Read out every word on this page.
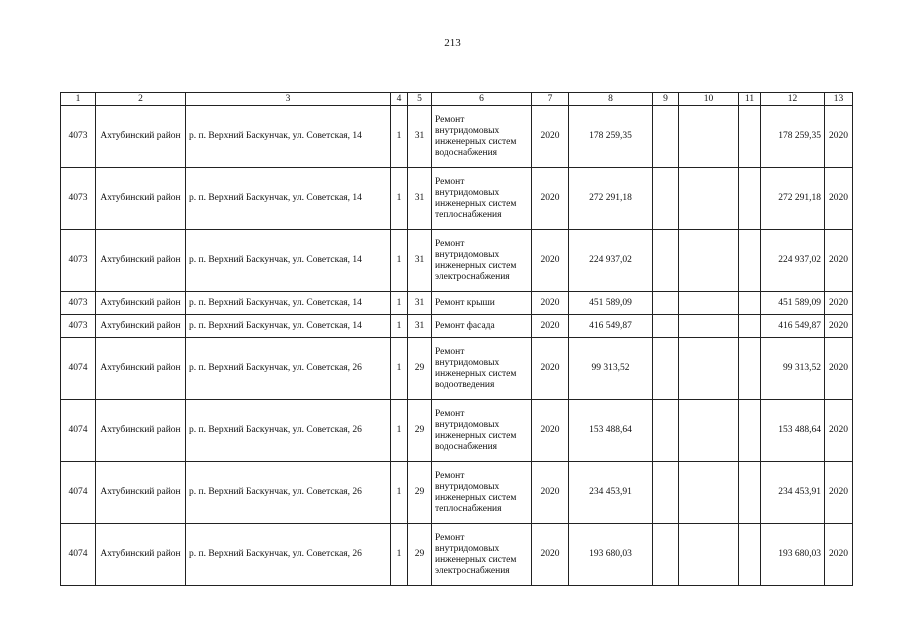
213
1	2	3	4	5	6	7	8	9	10	11	12	13
4073	Ахтубинский район	р. п. Верхний Баскунчак, ул. Советская, 14	1	31	Ремонт внутридомовых инженерных систем водоснабжения	2020	178 259,35				178 259,35	2020
4073	Ахтубинский район	р. п. Верхний Баскунчак, ул. Советская, 14	1	31	Ремонт внутридомовых инженерных систем теплоснабжения	2020	272 291,18				272 291,18	2020
4073	Ахтубинский район	р. п. Верхний Баскунчак, ул. Советская, 14	1	31	Ремонт внутридомовых инженерных систем электроснабжения	2020	224 937,02				224 937,02	2020
4073	Ахтубинский район	р. п. Верхний Баскунчак, ул. Советская, 14	1	31	Ремонт крыши	2020	451 589,09				451 589,09	2020
4073	Ахтубинский район	р. п. Верхний Баскунчак, ул. Советская, 14	1	31	Ремонт фасада	2020	416 549,87				416 549,87	2020
4074	Ахтубинский район	р. п. Верхний Баскунчак, ул. Советская, 26	1	29	Ремонт внутридомовых инженерных систем водоотведения	2020	99 313,52				99 313,52	2020
4074	Ахтубинский район	р. п. Верхний Баскунчак, ул. Советская, 26	1	29	Ремонт внутридомовых инженерных систем водоснабжения	2020	153 488,64				153 488,64	2020
4074	Ахтубинский район	р. п. Верхний Баскунчак, ул. Советская, 26	1	29	Ремонт внутридомовых инженерных систем теплоснабжения	2020	234 453,91				234 453,91	2020
4074	Ахтубинский район	р. п. Верхний Баскунчак, ул. Советская, 26	1	29	Ремонт внутридомовых инженерных систем электроснабжения	2020	193 680,03				193 680,03	2020
